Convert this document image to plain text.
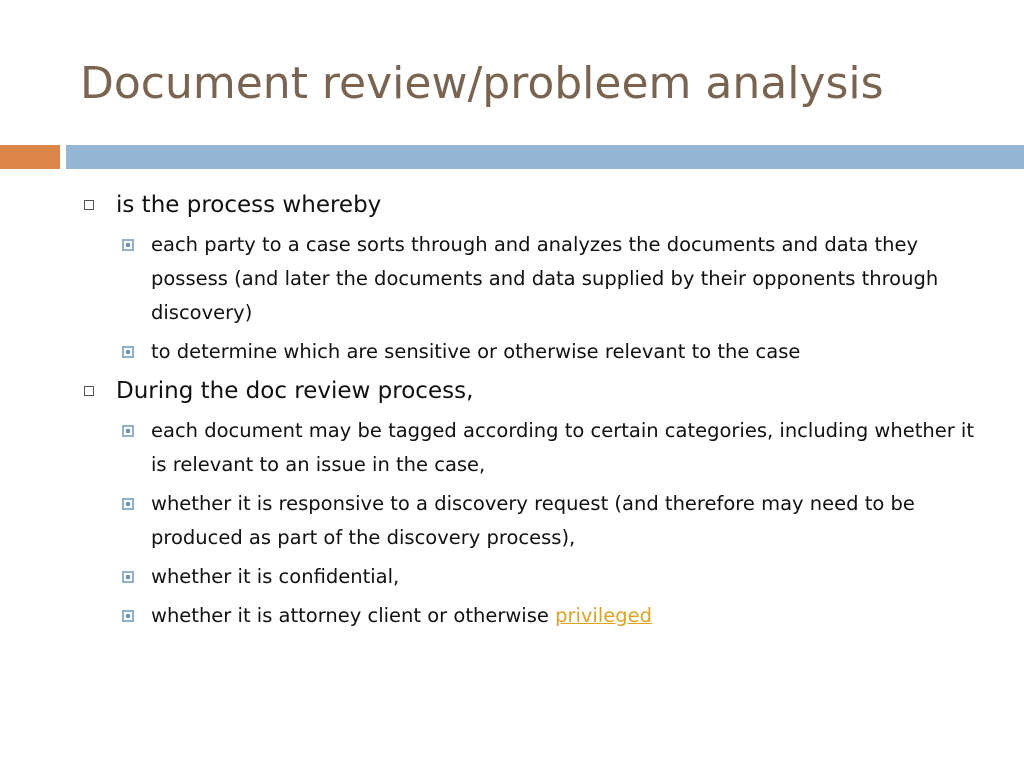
Document review/probleem analysis
is the process whereby
each party to a case sorts through and analyzes the documents and data they possess (and later the documents and data supplied by their opponents through discovery)
to determine which are sensitive or otherwise relevant to the case
During the doc review process,
each document may be tagged according to certain categories, including whether it is relevant to an issue in the case,
whether it is responsive to a discovery request (and therefore may need to be produced as part of the discovery process),
whether it is confidential,
whether it is attorney client or otherwise privileged
